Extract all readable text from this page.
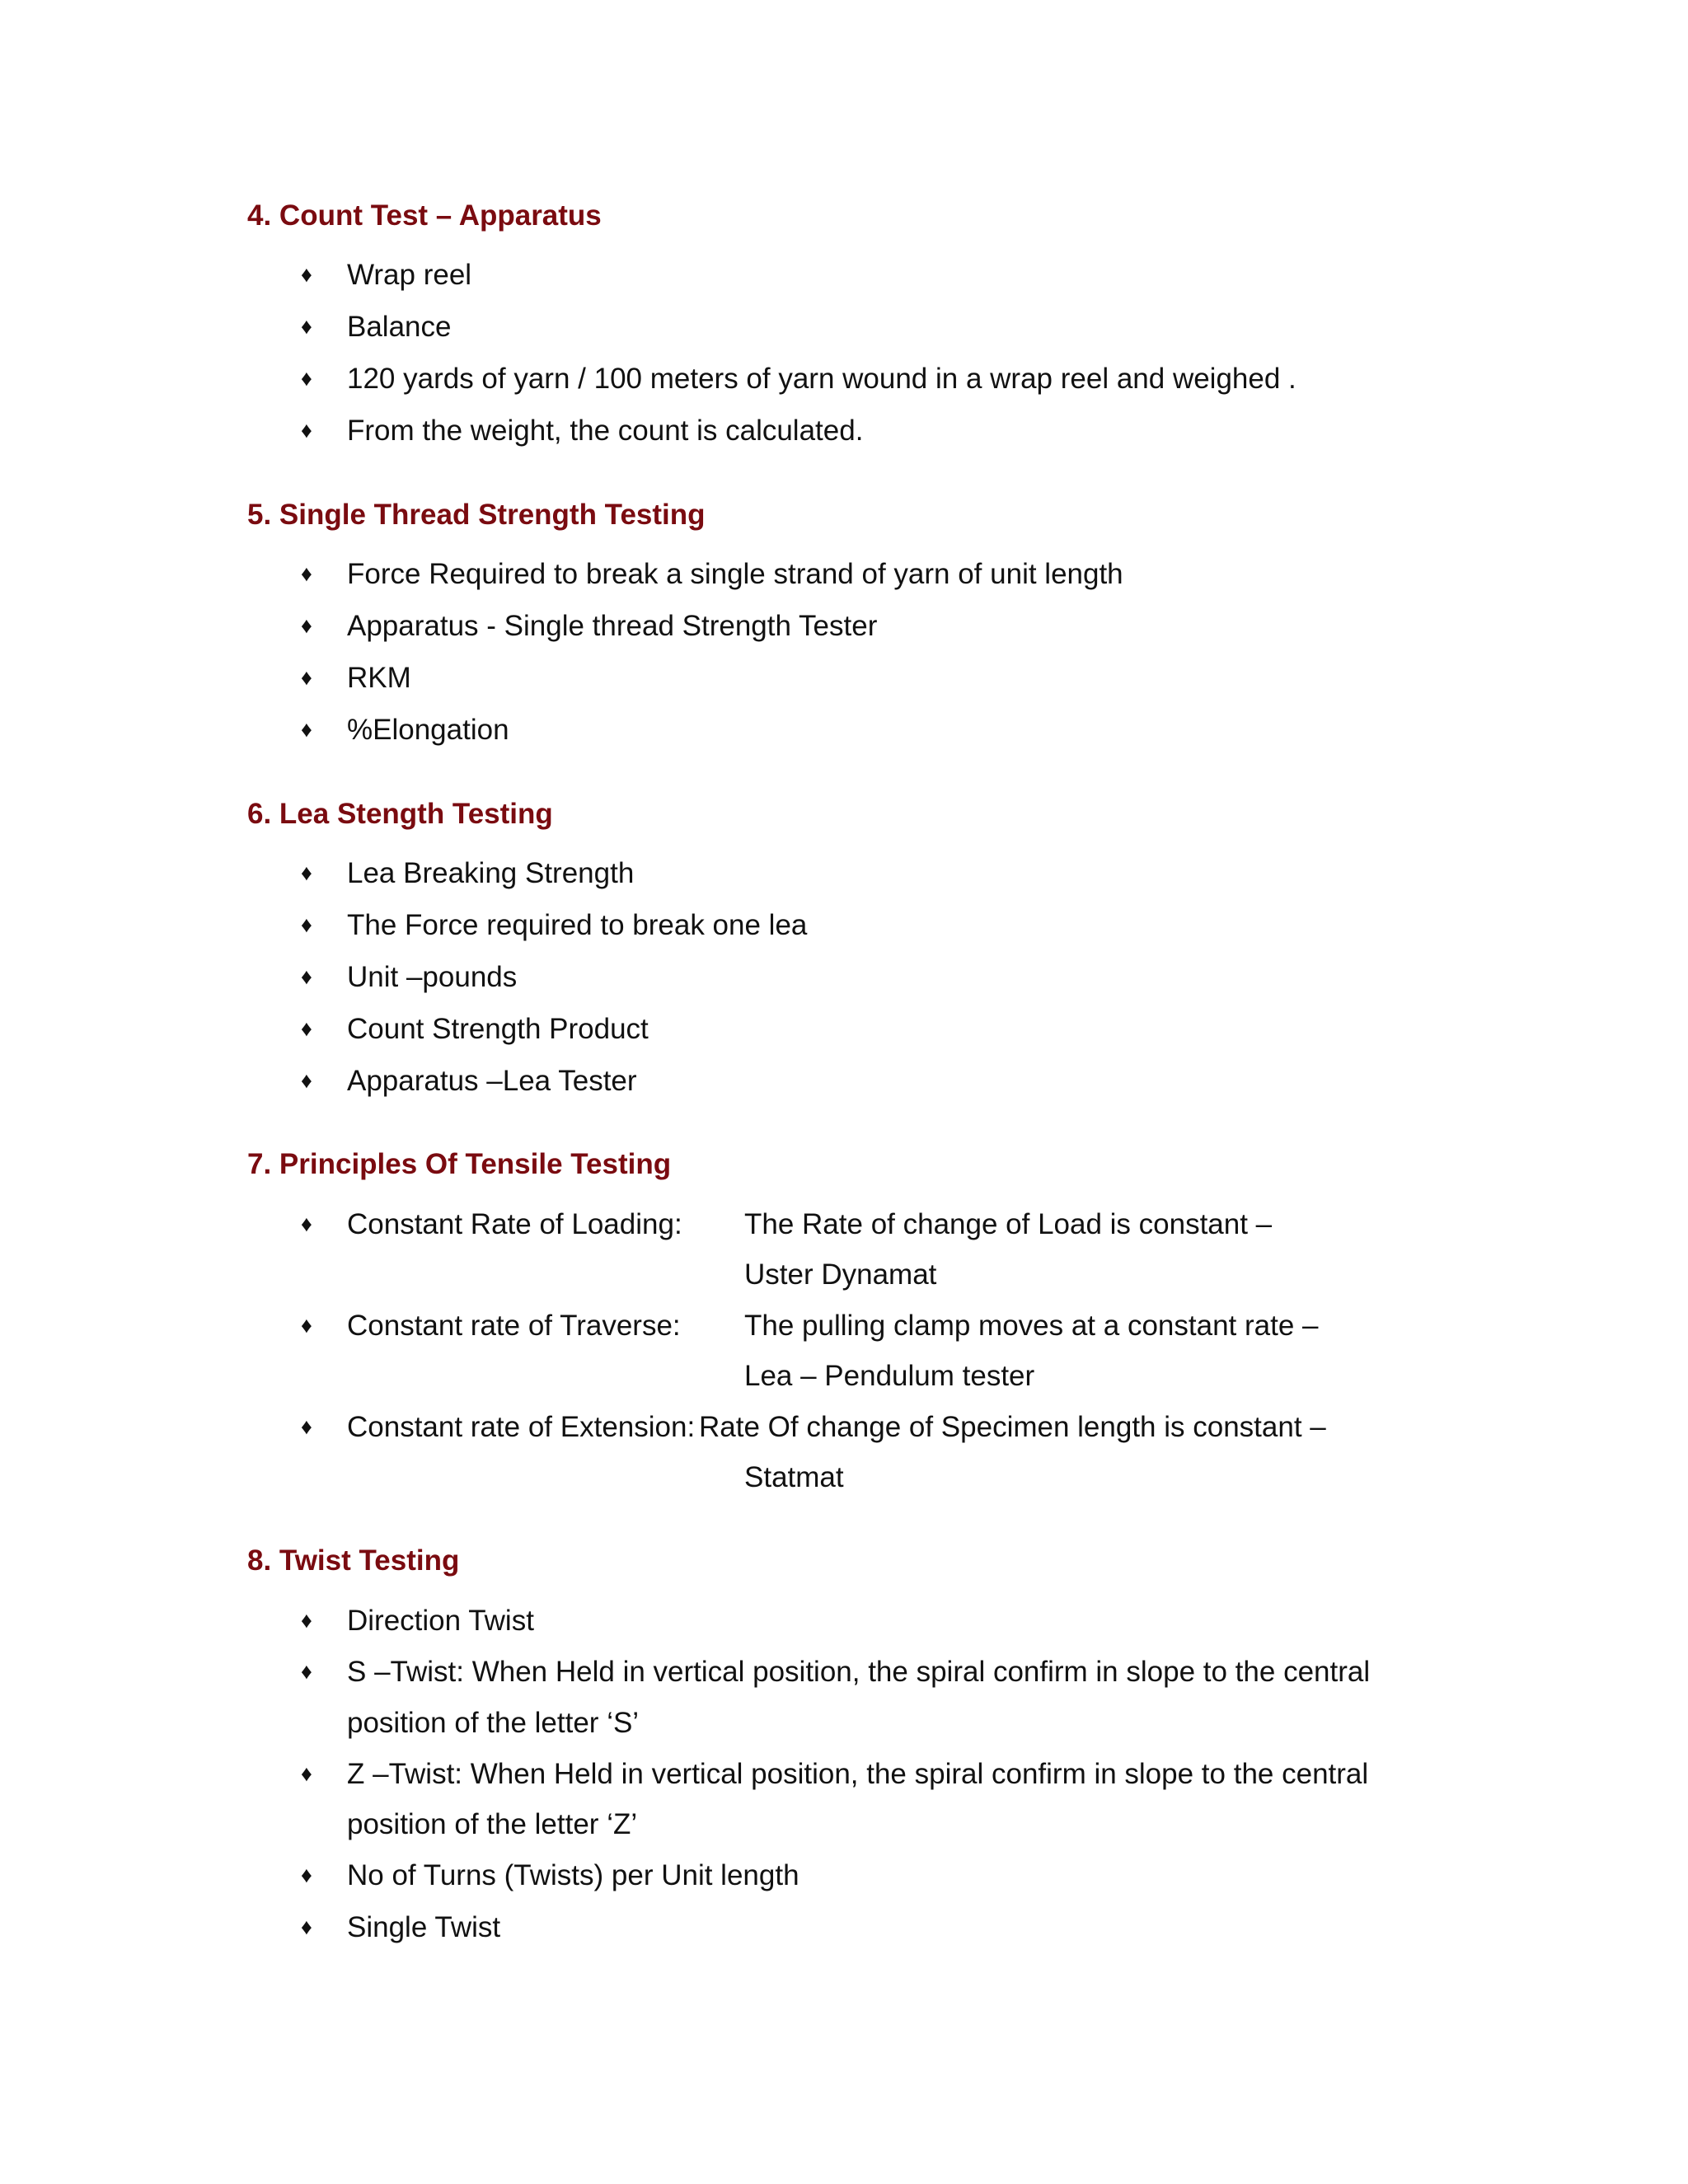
4. Count Test – Apparatus
♦ Wrap reel
♦ Balance
♦ 120 yards of yarn / 100 meters of yarn wound in a wrap reel and weighed .
♦ From the weight, the count is calculated.
5. Single Thread Strength Testing
♦ Force Required to break a single strand of yarn of unit length
♦ Apparatus - Single thread Strength Tester
♦ RKM
♦ %Elongation
6. Lea Stength Testing
♦ Lea Breaking Strength
♦ The Force required to break one lea
♦ Unit –pounds
♦ Count Strength Product
♦ Apparatus –Lea Tester
7. Principles Of Tensile Testing
♦ Constant Rate of Loading: The Rate of change of Load is constant –
Uster Dynamat
♦ Constant rate of Traverse: The pulling clamp moves at a constant rate –
Lea – Pendulum tester
♦ Constant rate of Extension: Rate Of change of Specimen length is constant –
Statmat
8. Twist Testing
♦ Direction Twist
♦ S –Twist: When Held in vertical position, the spiral confirm in slope to the central
position of the letter ‘S’
♦ Z –Twist: When Held in vertical position, the spiral confirm in slope to the central
position of the letter ‘Z’
♦ No of Turns (Twists) per Unit length
♦ Single Twist
